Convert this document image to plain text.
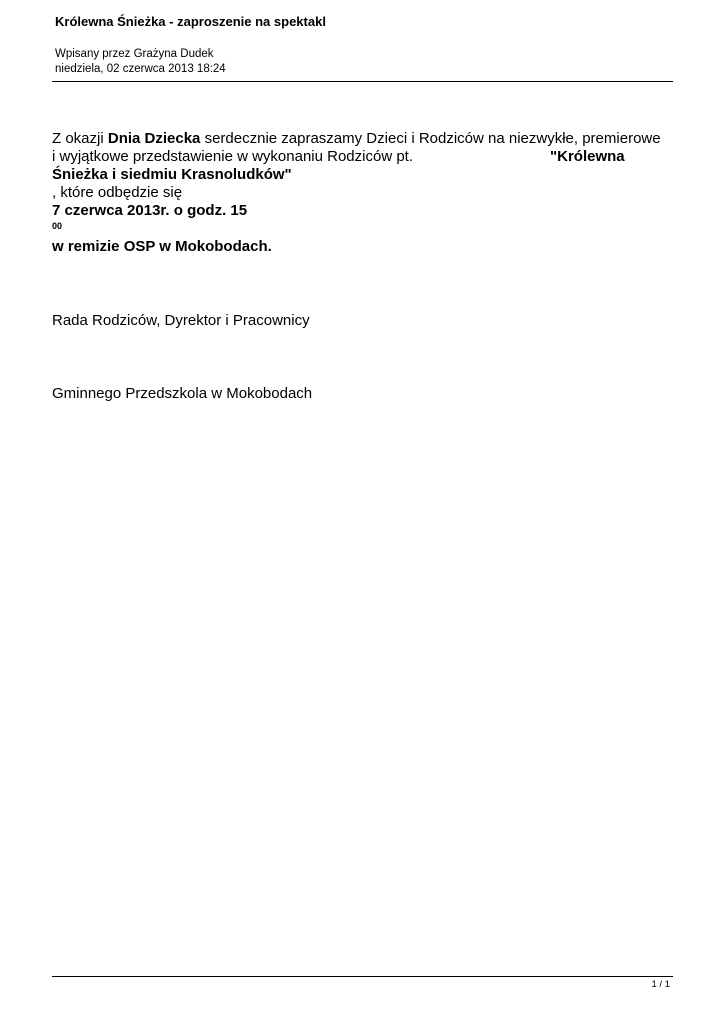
Królewna Śnieżka - zaproszenie na spektakl
Wpisany przez Grażyna Dudek
niedziela, 02 czerwca 2013 18:24

Z okazji Dnia Dziecka serdecznie zapraszamy Dzieci i Rodziców na niezwykłe, premierowe i wyjątkowe przedstawienie w wykonaniu Rodziców pt.	"Królewna Śnieżka i siedmiu Krasnoludków"

, które odbędzie się
7 czerwca 2013r. o godz. 15
00
w remizie OSP w Mokobodach.
Rada Rodziców, Dyrektor i Pracownicy
Gminnego Przedszkola w Mokobodach
1 / 1
